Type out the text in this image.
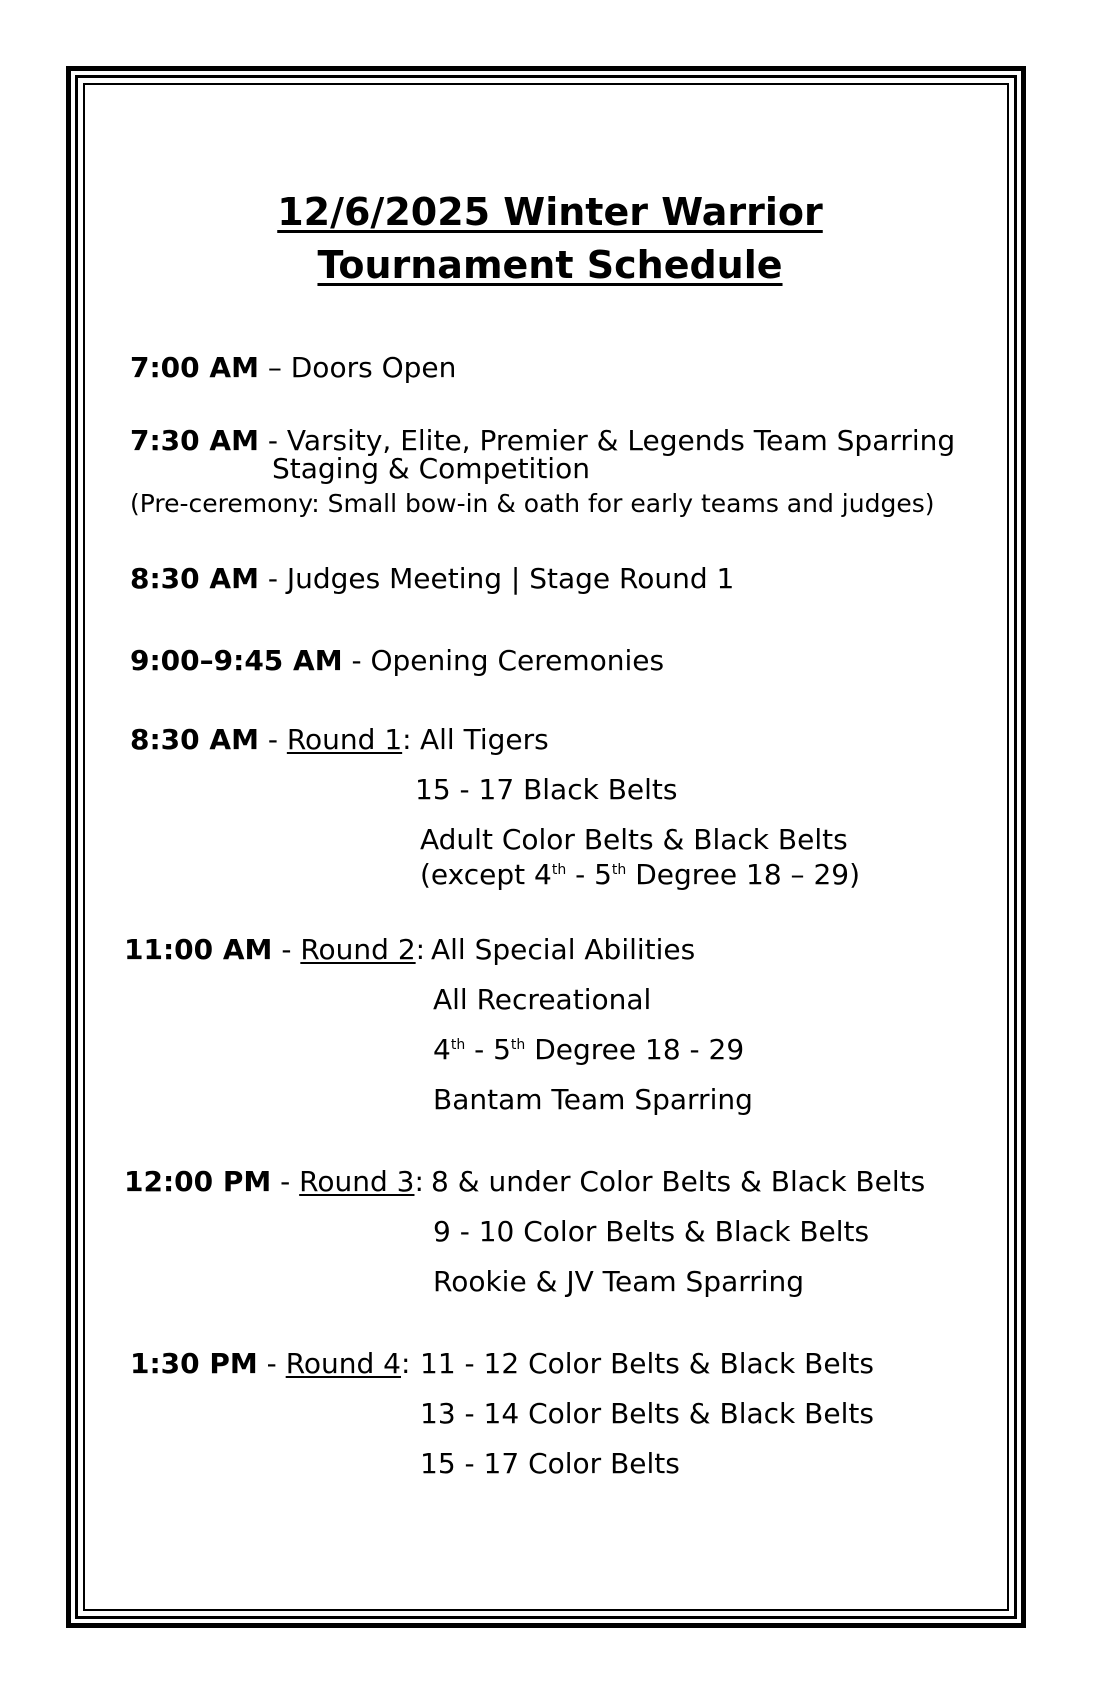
12/6/2025 Winter Warrior
Tournament Schedule
7:00 AM – Doors Open
7:30 AM - Varsity, Elite, Premier & Legends Team Sparring
Staging & Competition
(Pre-ceremony: Small bow-in & oath for early teams and judges)
8:30 AM - Judges Meeting | Stage Round 1
9:00–9:45 AM - Opening Ceremonies
8:30 AM - Round 1: All Tigers
15 - 17 Black Belts
Adult Color Belts & Black Belts
(except 4th - 5th Degree 18 – 29)
11:00 AM - Round 2: All Special Abilities
All Recreational
4th - 5th Degree 18 - 29
Bantam Team Sparring
12:00 PM - Round 3: 8 & under Color Belts & Black Belts
9 - 10 Color Belts & Black Belts
Rookie & JV Team Sparring
1:30 PM - Round 4: 11 - 12 Color Belts & Black Belts
13 - 14 Color Belts & Black Belts
15 - 17 Color Belts
